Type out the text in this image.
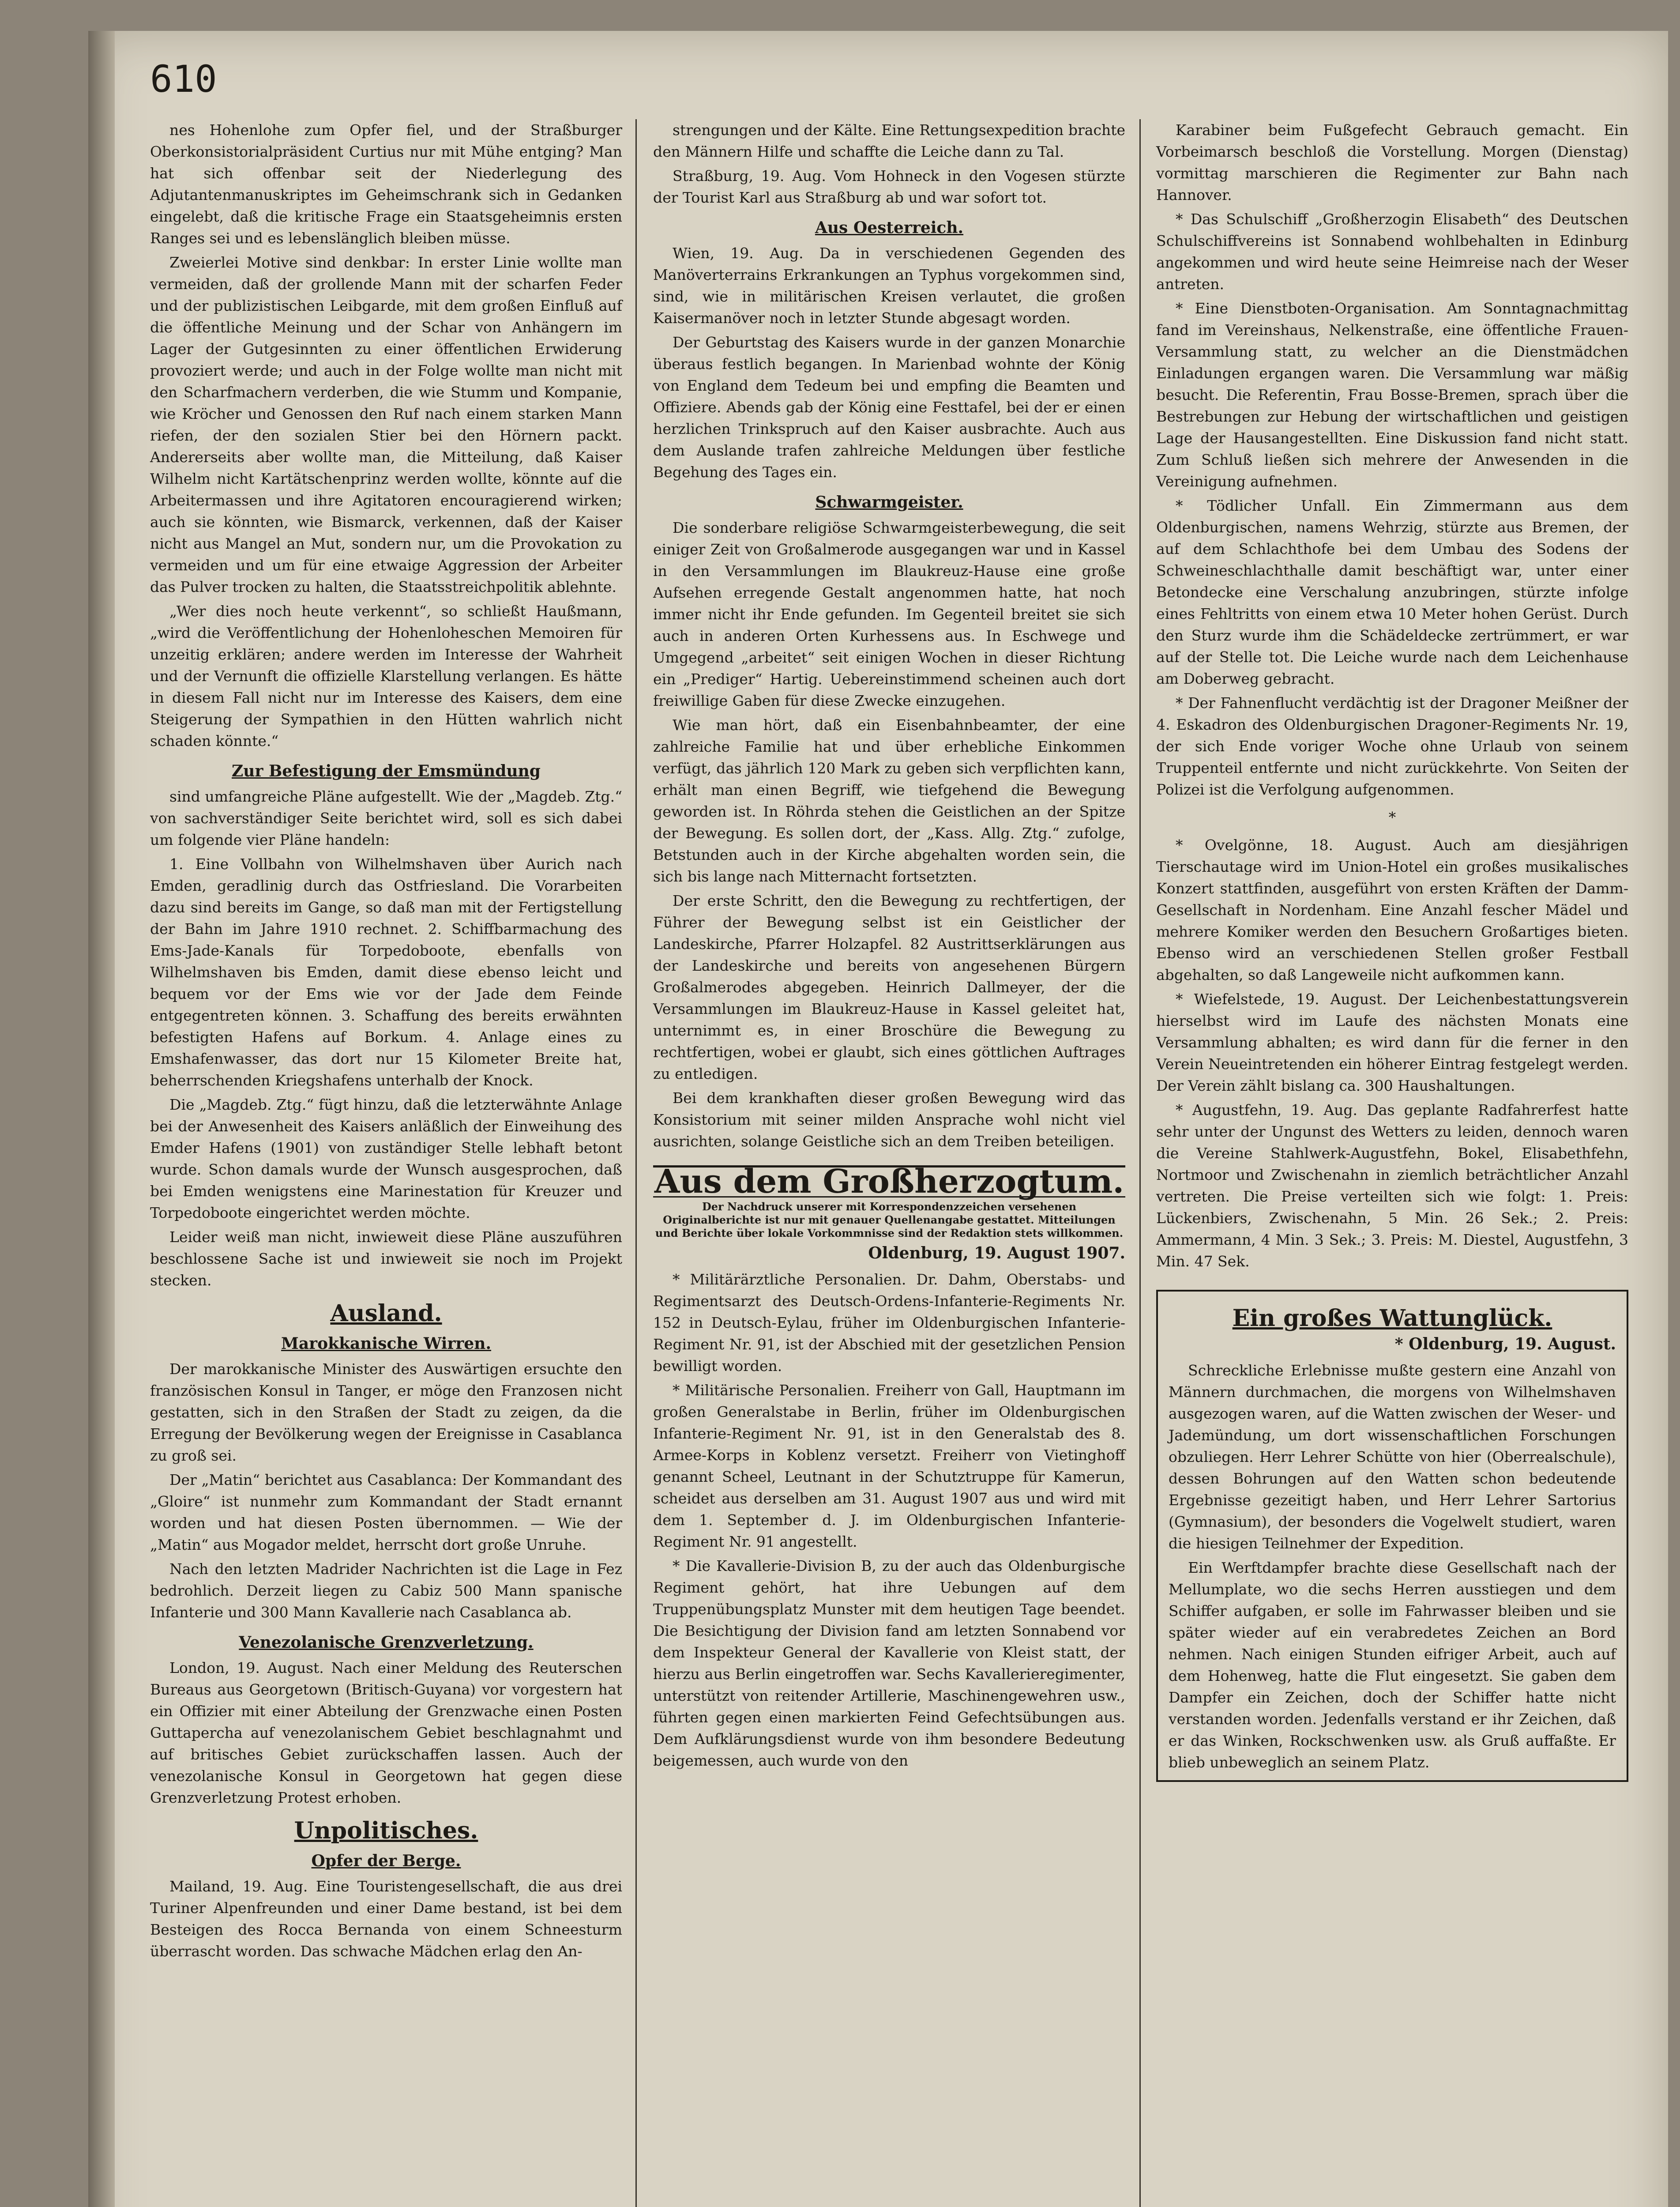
610

nes Hohenlohe zum Opfer fiel, und der Straßburger Oberkonsistorialpräsident Curtius nur mit Mühe entging? Man hat sich offenbar seit der Niederlegung des Adjutantenmanuskriptes im Geheimschrank sich in Gedanken eingelebt, daß die kritische Frage ein Staatsgeheimnis ersten Ranges sei und es lebenslänglich bleiben müsse.

Zweierlei Motive sind denkbar: In erster Linie wollte man vermeiden, daß der grollende Mann mit der scharfen Feder und der publizistischen Leibgarde, mit dem großen Einfluß auf die öffentliche Meinung und der Schar von Anhängern im Lager der Gutgesinnten zu einer öffentlichen Erwiderung provoziert werde; und auch in der Folge wollte man nicht mit den Scharfmachern verderben, die wie Stumm und Kompanie, wie Kröcher und Genossen den Ruf nach einem starken Mann riefen, der den sozialen Stier bei den Hörnern packt. Andererseits aber wollte man, die Mitteilung, daß Kaiser Wilhelm nicht Kartätschenprinz werden wollte, könnte auf die Arbeitermassen und ihre Agitatoren encouragierend wirken; auch sie könnten, wie Bismarck, verkennen, daß der Kaiser nicht aus Mangel an Mut, sondern nur, um die Provokation zu vermeiden und um für eine etwaige Aggression der Arbeiter das Pulver trocken zu halten, die Staatsstreichpolitik ablehnte.

„Wer dies noch heute verkennt“, so schließt Haußmann, „wird die Veröffentlichung der Hohenloheschen Memoiren für unzeitig erklären; andere werden im Interesse der Wahrheit und der Vernunft die offizielle Klarstellung verlangen. Es hätte in diesem Fall nicht nur im Interesse des Kaisers, dem eine Steigerung der Sympathien in den Hütten wahrlich nicht schaden könnte.“

Zur Befestigung der Emsmündung

sind umfangreiche Pläne aufgestellt. Wie der „Magdeb. Ztg.“ von sachverständiger Seite berichtet wird, soll es sich dabei um folgende vier Pläne handeln:

1. Eine Vollbahn von Wilhelmshaven über Aurich nach Emden, geradlinig durch das Ostfriesland. Die Vorarbeiten dazu sind bereits im Gange, so daß man mit der Fertigstellung der Bahn im Jahre 1910 rechnet. 2. Schiffbarmachung des Ems-Jade-Kanals für Torpedoboote, ebenfalls von Wilhelmshaven bis Emden, damit diese ebenso leicht und bequem vor der Ems wie vor der Jade dem Feinde entgegentreten können. 3. Schaffung des bereits erwähnten befestigten Hafens auf Borkum. 4. Anlage eines zu Emshafenwasser, das dort nur 15 Kilometer Breite hat, beherrschenden Kriegshafens unterhalb der Knock.

Die „Magdeb. Ztg.“ fügt hinzu, daß die letzterwähnte Anlage bei der Anwesenheit des Kaisers anläßlich der Einweihung des Emder Hafens (1901) von zuständiger Stelle lebhaft betont wurde. Schon damals wurde der Wunsch ausgesprochen, daß bei Emden wenigstens eine Marinestation für Kreuzer und Torpedoboote eingerichtet werden möchte.

Leider weiß man nicht, inwieweit diese Pläne auszuführen beschlossene Sache ist und inwieweit sie noch im Projekt stecken.

Ausland.
Marokkanische Wirren.

Der marokkanische Minister des Auswärtigen ersuchte den französischen Konsul in Tanger, er möge den Franzosen nicht gestatten, sich in den Straßen der Stadt zu zeigen, da die Erregung der Bevölkerung wegen der Ereignisse in Casablanca zu groß sei.

Der „Matin“ berichtet aus Casablanca: Der Kommandant des „Gloire“ ist nunmehr zum Kommandant der Stadt ernannt worden und hat diesen Posten übernommen. — Wie der „Matin“ aus Mogador meldet, herrscht dort große Unruhe.

Nach den letzten Madrider Nachrichten ist die Lage in Fez bedrohlich. Derzeit liegen zu Cabiz 500 Mann spanische Infanterie und 300 Mann Kavallerie nach Casablanca ab.

Venezolanische Grenzverletzung.

London, 19. August. Nach einer Meldung des Reuterschen Bureaus aus Georgetown (Britisch-Guyana) vor vorgestern hat ein Offizier mit einer Abteilung der Grenzwache einen Posten Guttapercha auf venezolanischem Gebiet beschlagnahmt und auf britisches Gebiet zurückschaffen lassen. Auch der venezolanische Konsul in Georgetown hat gegen diese Grenzverletzung Protest erhoben.

Unpolitisches.
Opfer der Berge.

Mailand, 19. Aug. Eine Touristengesellschaft, die aus drei Turiner Alpenfreunden und einer Dame bestand, ist bei dem Besteigen des Rocca Bernanda von einem Schneesturm überrascht worden. Das schwache Mädchen erlag den An-

strengungen und der Kälte. Eine Rettungsexpedition brachte den Männern Hilfe und schaffte die Leiche dann zu Tal.

Straßburg, 19. Aug. Vom Hohneck in den Vogesen stürzte der Tourist Karl aus Straßburg ab und war sofort tot.

Aus Oesterreich.

Wien, 19. Aug. Da in verschiedenen Gegenden des Manöverterrains Erkrankungen an Typhus vorgekommen sind, sind, wie in militärischen Kreisen verlautet, die großen Kaisermanöver noch in letzter Stunde abgesagt worden.

Der Geburtstag des Kaisers wurde in der ganzen Monarchie überaus festlich begangen. In Marienbad wohnte der König von England dem Tedeum bei und empfing die Beamten und Offiziere. Abends gab der König eine Festtafel, bei der er einen herzlichen Trinkspruch auf den Kaiser ausbrachte. Auch aus dem Auslande trafen zahlreiche Meldungen über festliche Begehung des Tages ein.

Schwarmgeister.

Die sonderbare religiöse Schwarmgeisterbewegung, die seit einiger Zeit von Großalmerode ausgegangen war und in Kassel in den Versammlungen im Blaukreuz-Hause eine große Aufsehen erregende Gestalt angenommen hatte, hat noch immer nicht ihr Ende gefunden. Im Gegenteil breitet sie sich auch in anderen Orten Kurhessens aus. In Eschwege und Umgegend „arbeitet“ seit einigen Wochen in dieser Richtung ein „Prediger“ Hartig. Uebereinstimmend scheinen auch dort freiwillige Gaben für diese Zwecke einzugehen.

Wie man hört, daß ein Eisenbahnbeamter, der eine zahlreiche Familie hat und über erhebliche Einkommen verfügt, das jährlich 120 Mark zu geben sich verpflichten kann, erhält man einen Begriff, wie tiefgehend die Bewegung geworden ist. In Röhrda stehen die Geistlichen an der Spitze der Bewegung. Es sollen dort, der „Kass. Allg. Ztg.“ zufolge, Betstunden auch in der Kirche abgehalten worden sein, die sich bis lange nach Mitternacht fortsetzten.

Der erste Schritt, den die Bewegung zu rechtfertigen, der Führer der Bewegung selbst ist ein Geistlicher der Landeskirche, Pfarrer Holzapfel. 82 Austrittserklärungen aus der Landeskirche und bereits von angesehenen Bürgern Großalmerodes abgegeben. Heinrich Dallmeyer, der die Versammlungen im Blaukreuz-Hause in Kassel geleitet hat, unternimmt es, in einer Broschüre die Bewegung zu rechtfertigen, wobei er glaubt, sich eines göttlichen Auftrages zu entledigen.

Bei dem krankhaften dieser großen Bewegung wird das Konsistorium mit seiner milden Ansprache wohl nicht viel ausrichten, solange Geistliche sich an dem Treiben beteiligen.

Aus dem Großherzogtum.
Der Nachdruck unserer mit Korrespondenzzeichen versehenen Originalberichte ist nur mit genauer Quellenangabe gestattet. Mitteilungen und Berichte über lokale Vorkommnisse sind der Redaktion stets willkommen.
Oldenburg, 19. August 1907.

* Militärärztliche Personalien. Dr. Dahm, Oberstabs- und Regimentsarzt des Deutsch-Ordens-Infanterie-Regiments Nr. 152 in Deutsch-Eylau, früher im Oldenburgischen Infanterie-Regiment Nr. 91, ist der Abschied mit der gesetzlichen Pension bewilligt worden.

* Militärische Personalien. Freiherr von Gall, Hauptmann im großen Generalstabe in Berlin, früher im Oldenburgischen Infanterie-Regiment Nr. 91, ist in den Generalstab des 8. Armee-Korps in Koblenz versetzt. Freiherr von Vietinghoff genannt Scheel, Leutnant in der Schutztruppe für Kamerun, scheidet aus derselben am 31. August 1907 aus und wird mit dem 1. September d. J. im Oldenburgischen Infanterie-Regiment Nr. 91 angestellt.

* Die Kavallerie-Division B, zu der auch das Oldenburgische Regiment gehört, hat ihre Uebungen auf dem Truppenübungsplatz Munster mit dem heutigen Tage beendet. Die Besichtigung der Division fand am letzten Sonnabend vor dem Inspekteur General der Kavallerie von Kleist statt, der hierzu aus Berlin eingetroffen war. Sechs Kavallerieregimenter, unterstützt von reitender Artillerie, Maschinengewehren usw., führten gegen einen markierten Feind Gefechtsübungen aus. Dem Aufklärungsdienst wurde von ihm besondere Bedeutung beigemessen, auch wurde von den

Karabiner beim Fußgefecht Gebrauch gemacht. Ein Vorbeimarsch beschloß die Vorstellung. Morgen (Dienstag) vormittag marschieren die Regimenter zur Bahn nach Hannover.

* Das Schulschiff „Großherzogin Elisabeth“ des Deutschen Schulschiffvereins ist Sonnabend wohlbehalten in Edinburg angekommen und wird heute seine Heimreise nach der Weser antreten.

* Eine Dienstboten-Organisation. Am Sonntagnachmittag fand im Vereinshaus, Nelkenstraße, eine öffentliche Frauen-Versammlung statt, zu welcher an die Dienstmädchen Einladungen ergangen waren. Die Versammlung war mäßig besucht. Die Referentin, Frau Bosse-Bremen, sprach über die Bestrebungen zur Hebung der wirtschaftlichen und geistigen Lage der Hausangestellten. Eine Diskussion fand nicht statt. Zum Schluß ließen sich mehrere der Anwesenden in die Vereinigung aufnehmen.

* Tödlicher Unfall. Ein Zimmermann aus dem Oldenburgischen, namens Wehrzig, stürzte aus Bremen, der auf dem Schlachthofe bei dem Umbau des Sodens der Schweineschlachthalle damit beschäftigt war, unter einer Betondecke eine Verschalung anzubringen, stürzte infolge eines Fehltritts von einem etwa 10 Meter hohen Gerüst. Durch den Sturz wurde ihm die Schädeldecke zertrümmert, er war auf der Stelle tot. Die Leiche wurde nach dem Leichenhause am Doberweg gebracht.

* Der Fahnenflucht verdächtig ist der Dragoner Meißner der 4. Eskadron des Oldenburgischen Dragoner-Regiments Nr. 19, der sich Ende voriger Woche ohne Urlaub von seinem Truppenteil entfernte und nicht zurückkehrte. Von Seiten der Polizei ist die Verfolgung aufgenommen.

*

* Ovelgönne, 18. August. Auch am diesjährigen Tierschautage wird im Union-Hotel ein großes musikalisches Konzert stattfinden, ausgeführt von ersten Kräften der Damm-Gesellschaft in Nordenham. Eine Anzahl fescher Mädel und mehrere Komiker werden den Besuchern Großartiges bieten. Ebenso wird an verschiedenen Stellen großer Festball abgehalten, so daß Langeweile nicht aufkommen kann.

* Wiefelstede, 19. August. Der Leichenbestattungsverein hierselbst wird im Laufe des nächsten Monats eine Versammlung abhalten; es wird dann für die ferner in den Verein Neueintretenden ein höherer Eintrag festgelegt werden. Der Verein zählt bislang ca. 300 Haushaltungen.

* Augustfehn, 19. Aug. Das geplante Radfahrerfest hatte sehr unter der Ungunst des Wetters zu leiden, dennoch waren die Vereine Stahlwerk-Augustfehn, Bokel, Elisabethfehn, Nortmoor und Zwischenahn in ziemlich beträchtlicher Anzahl vertreten. Die Preise verteilten sich wie folgt: 1. Preis: Lückenbiers, Zwischenahn, 5 Min. 26 Sek.; 2. Preis: Ammermann, 4 Min. 3 Sek.; 3. Preis: M. Diestel, Augustfehn, 3 Min. 47 Sek.

Ein großes Wattunglück.
* Oldenburg, 19. August.

Schreckliche Erlebnisse mußte gestern eine Anzahl von Männern durchmachen, die morgens von Wilhelmshaven ausgezogen waren, auf die Watten zwischen der Weser- und Jademündung, um dort wissenschaftlichen Forschungen obzuliegen. Herr Lehrer Schütte von hier (Oberrealschule), dessen Bohrungen auf den Watten schon bedeutende Ergebnisse gezeitigt haben, und Herr Lehrer Sartorius (Gymnasium), der besonders die Vogelwelt studiert, waren die hiesigen Teilnehmer der Expedition.

Ein Werftdampfer brachte diese Gesellschaft nach der Mellumplate, wo die sechs Herren ausstiegen und dem Schiffer aufgaben, er solle im Fahrwasser bleiben und sie später wieder auf ein verabredetes Zeichen an Bord nehmen. Nach einigen Stunden eifriger Arbeit, auch auf dem Hohenweg, hatte die Flut eingesetzt. Sie gaben dem Dampfer ein Zeichen, doch der Schiffer hatte nicht verstanden worden. Jedenfalls verstand er ihr Zeichen, daß er das Winken, Rockschwenken usw. als Gruß auffaßte. Er blieb unbeweglich an seinem Platz.
